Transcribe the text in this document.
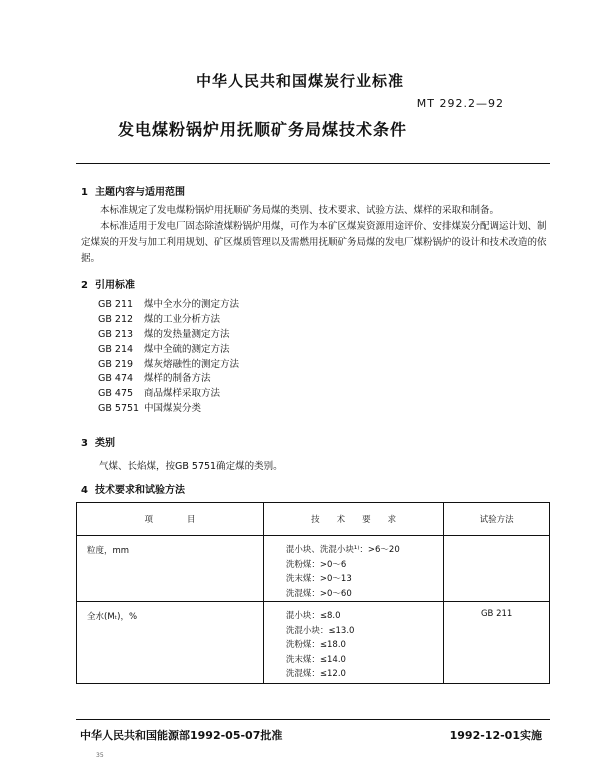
中华人民共和国煤炭行业标准
MT 292.2—92
发电煤粉锅炉用抚顺矿务局煤技术条件
1 主题内容与适用范围
本标准规定了发电煤粉锅炉用抚顺矿务局煤的类别、技术要求、试验方法、煤样的采取和制备。
本标准适用于发电厂固态除渣煤粉锅炉用煤，可作为本矿区煤炭资源用途评价、安排煤炭分配调运计划、制定煤炭的开发与加工利用规划、矿区煤质管理以及需燃用抚顺矿务局煤的发电厂煤粉锅炉的设计和技术改造的依据。
2 引用标准
GB 211 煤中全水分的测定方法
GB 212 煤的工业分析方法
GB 213 煤的发热量测定方法
GB 214 煤中全硫的测定方法
GB 219 煤灰熔融性的测定方法
GB 474 煤样的制备方法
GB 475 商品煤样采取方法
GB 5751 中国煤炭分类
3 类别
气煤、长焰煤，按GB 5751确定煤的类别。
4 技术要求和试验方法
项　　　　目	技　　术　　要　　求	试验方法

粒度，mm	混小块、洗混小块¹⁾：>6～20
洗粉煤：>0～6
洗末煤：>0～13
洗混煤：>0～60	

全水(Mₜ)，%	混小块：≤8.0
洗混小块：≤13.0
洗粉煤：≤18.0
洗末煤：≤14.0
洗混煤：≤12.0	GB 211
中华人民共和国能源部1992-05-07批准	1992-12-01实施
35
